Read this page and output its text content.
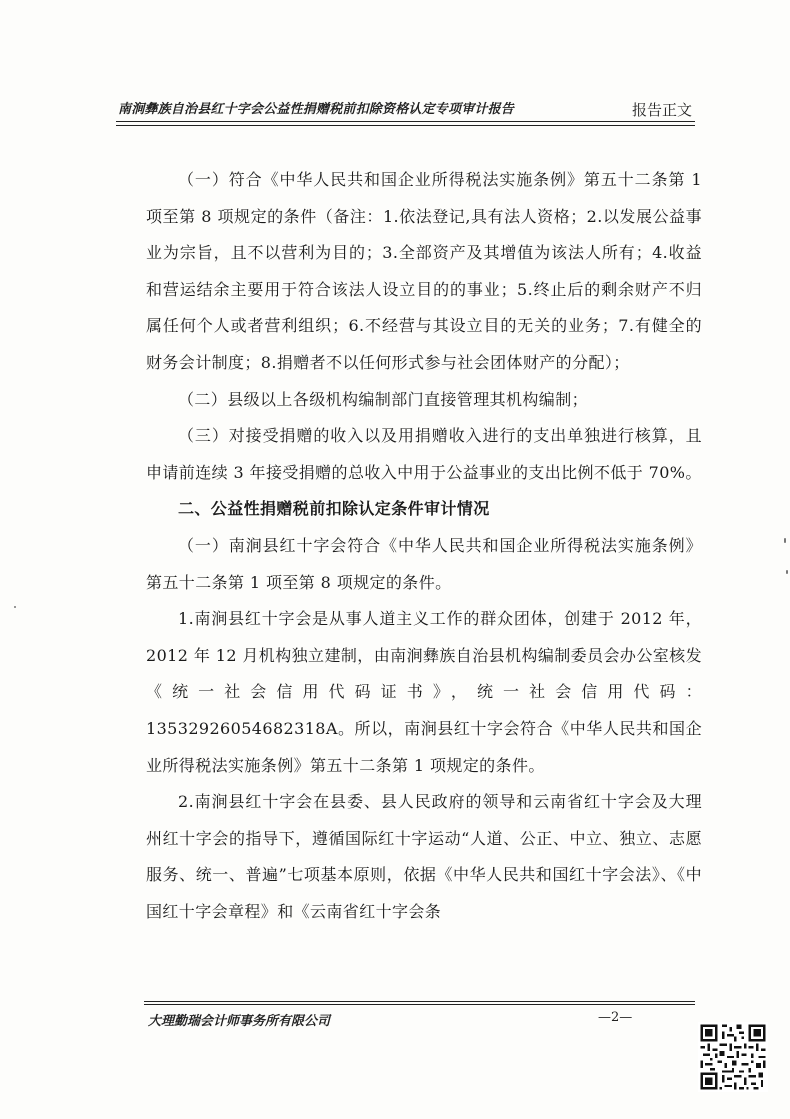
南涧彝族自治县红十字会公益性捐赠税前扣除资格认定专项审计报告	报告正文

（一）符合《中华人民共和国企业所得税法实施条例》第五十二条第 1 项至第 8 项规定的条件（备注：1.依法登记,具有法人资格；2.以发展公益事业为宗旨，且不以营利为目的；3.全部资产及其增值为该法人所有；4.收益和营运结余主要用于符合该法人设立目的的事业；5.终止后的剩余财产不归属任何个人或者营利组织；6.不经营与其设立目的无关的业务；7.有健全的财务会计制度；8.捐赠者不以任何形式参与社会团体财产的分配）；

（二）县级以上各级机构编制部门直接管理其机构编制；

（三）对接受捐赠的收入以及用捐赠收入进行的支出单独进行核算，且申请前连续 3 年接受捐赠的总收入中用于公益事业的支出比例不低于 70%。

二、公益性捐赠税前扣除认定条件审计情况

（一）南涧县红十字会符合《中华人民共和国企业所得税法实施条例》第五十二条第 1 项至第 8 项规定的条件。

1.南涧县红十字会是从事人道主义工作的群众团体，创建于 2012 年，2012 年 12 月机构独立建制，由南涧彝族自治县机构编制委员会办公室核发《统一社会信用代码证书》，统一社会信用代码：13532926054682318A。所以，南涧县红十字会符合《中华人民共和国企业所得税法实施条例》第五十二条第 1 项规定的条件。

2.南涧县红十字会在县委、县人民政府的领导和云南省红十字会及大理州红十字会的指导下，遵循国际红十字运动“人道、公正、中立、独立、志愿服务、统一、普遍”七项基本原则，依据《中华人民共和国红十字会法》、《中国红十字会章程》和《云南省红十字会条

大理勤瑞会计师事务所有限公司	—2—
